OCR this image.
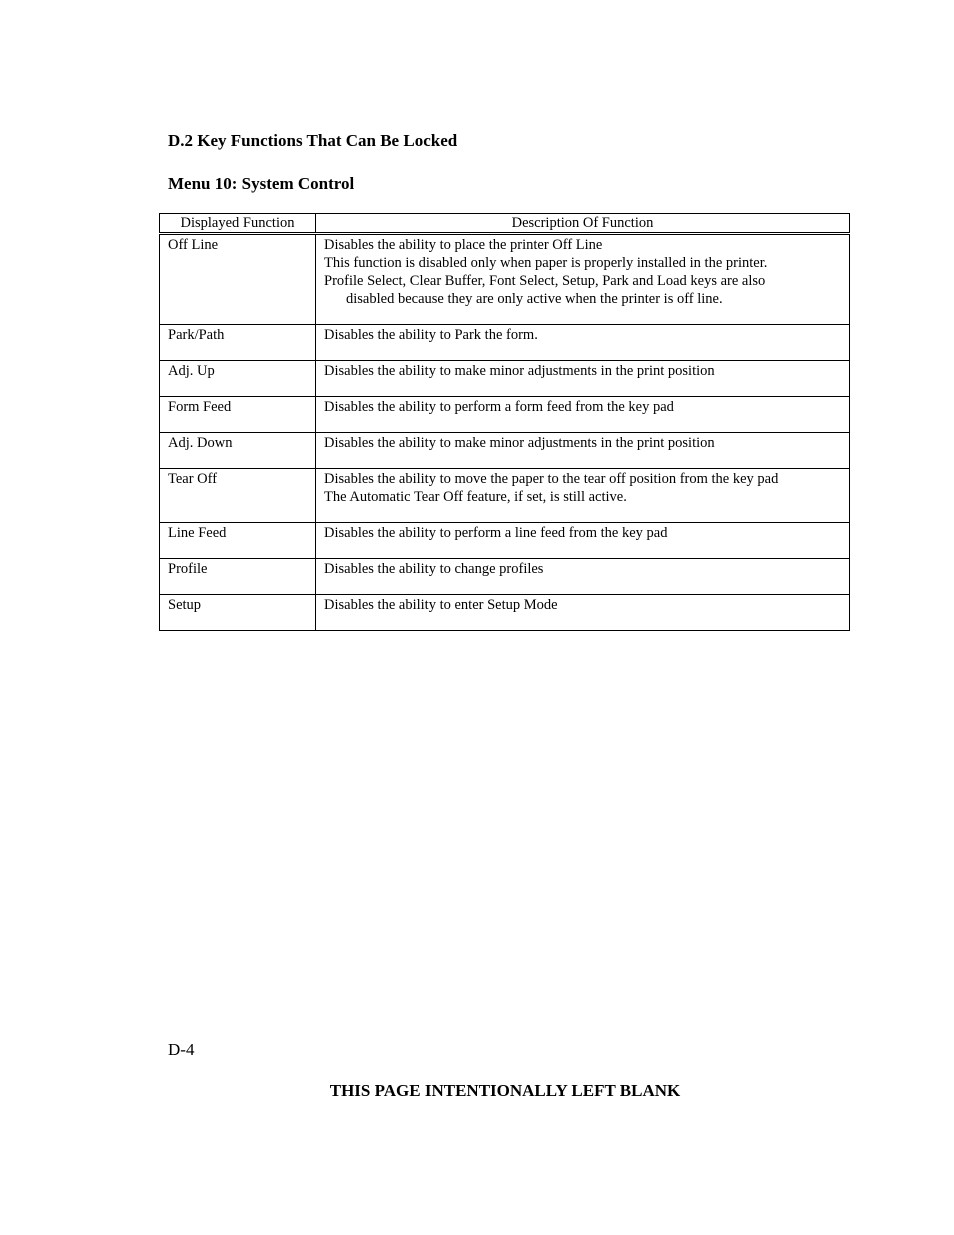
D.2 Key Functions That Can Be Locked
Menu 10: System Control
Displayed Function	Description Of Function
Off Line	Disables the ability to place the printer Off Line
This function is disabled only when paper is properly installed in the printer.
Profile Select, Clear Buffer, Font Select, Setup, Park and Load keys are also
disabled because they are only active when the printer is off line.
Park/Path	Disables the ability to Park the form.
Adj. Up	Disables the ability to make minor adjustments in the print position
Form Feed	Disables the ability to perform a form feed from the key pad
Adj. Down	Disables the ability to make minor adjustments in the print position
Tear Off	Disables the ability to move the paper to the tear off position from the key pad
The Automatic Tear Off feature, if set, is still active.
Line Feed	Disables the ability to perform a line feed from the key pad
Profile	Disables the ability to change profiles
Setup	Disables the ability to enter Setup Mode

D-4

THIS PAGE INTENTIONALLY LEFT BLANK
